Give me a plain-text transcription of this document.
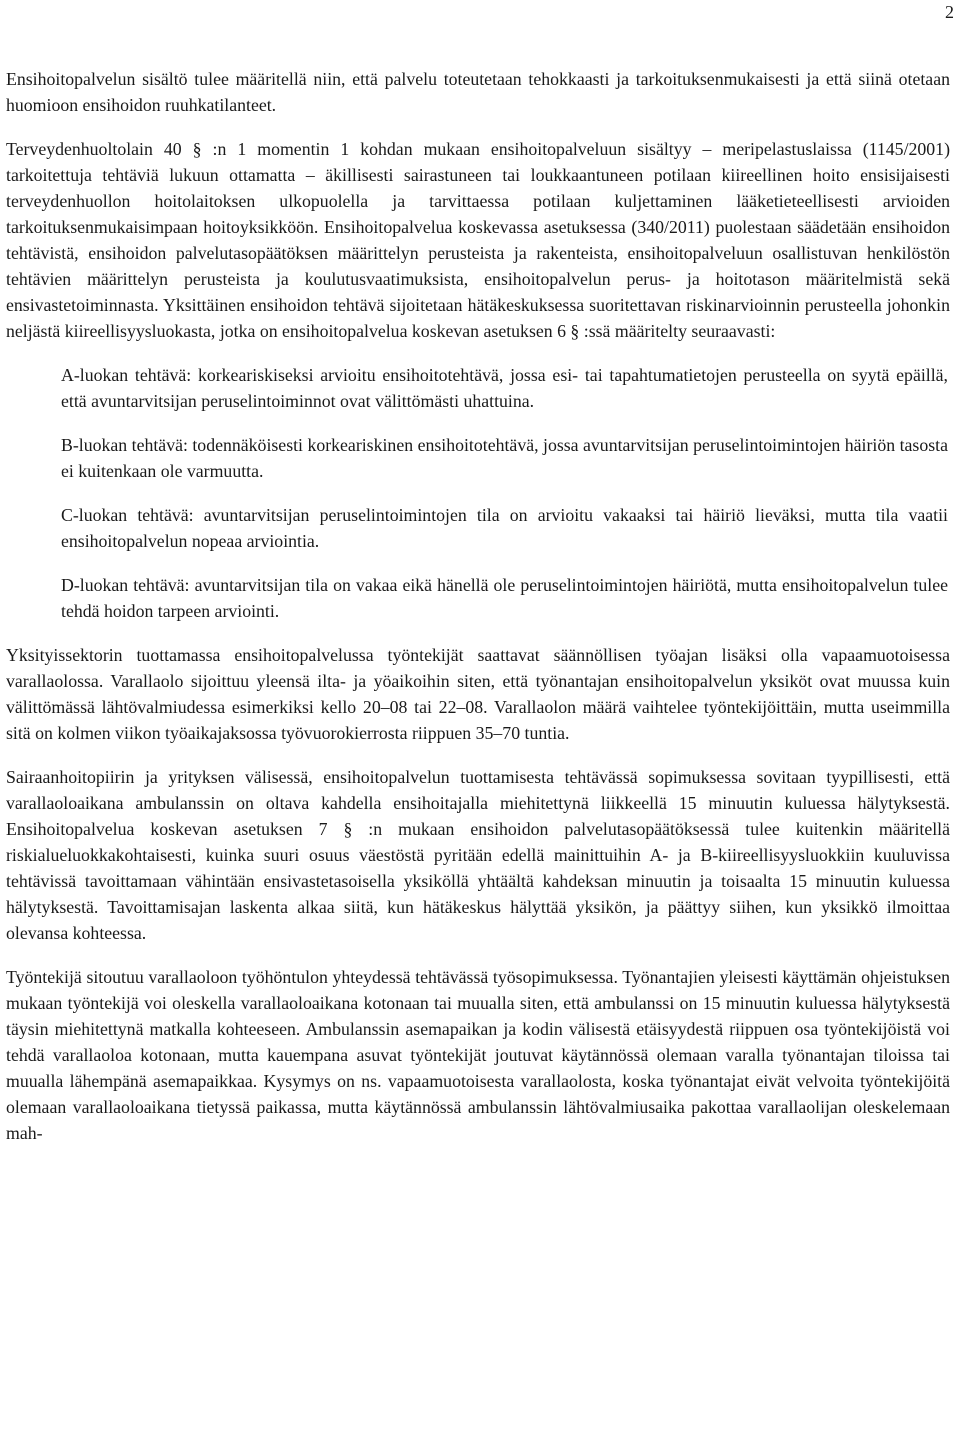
2

Ensihoitopalvelun sisältö tulee määritellä niin, että palvelu toteutetaan tehokkaasti ja tarkoituksenmukaisesti ja että siinä otetaan huomioon ensihoidon ruuhkatilanteet.

Terveydenhuoltolain 40 § :n 1 momentin 1 kohdan mukaan ensihoitopalveluun sisältyy – meripelastuslaissa (1145/2001) tarkoitettuja tehtäviä lukuun ottamatta – äkillisesti sairastuneen tai loukkaantuneen potilaan kiireellinen hoito ensisijaisesti terveydenhuollon hoitolaitoksen ulkopuolella ja tarvittaessa potilaan kuljettaminen lääketieteellisesti arvioiden tarkoituksenmukaisimpaan hoitoyksikköön. Ensihoitopalvelua koskevassa asetuksessa (340/2011) puolestaan säädetään ensihoidon tehtävistä, ensihoidon palvelutasopäätöksen määrittelyn perusteista ja rakenteista, ensihoitopalveluun osallistuvan henkilöstön tehtävien määrittelyn perusteista ja koulutusvaatimuksista, ensihoitopalvelun perus- ja hoitotason määritelmistä sekä ensivastetoiminnasta. Yksittäinen ensihoidon tehtävä sijoitetaan hätäkeskuksessa suoritettavan riskinarvioinnin perusteella johonkin neljästä kiireellisyysluokasta, jotka on ensihoitopalvelua koskevan asetuksen 6 § :ssä määritelty seuraavasti:

A-luokan tehtävä: korkeariskiseksi arvioitu ensihoitotehtävä, jossa esi- tai tapahtumatietojen perusteella on syytä epäillä, että avuntarvitsijan peruselintoiminnot ovat välittömästi uhattuina.

B-luokan tehtävä: todennäköisesti korkeariskinen ensihoitotehtävä, jossa avuntarvitsijan peruselintoimintojen häiriön tasosta ei kuitenkaan ole varmuutta.

C-luokan tehtävä: avuntarvitsijan peruselintoimintojen tila on arvioitu vakaaksi tai häiriö lieväksi, mutta tila vaatii ensihoitopalvelun nopeaa arviointia.

D-luokan tehtävä: avuntarvitsijan tila on vakaa eikä hänellä ole peruselintoimintojen häiriötä, mutta ensihoitopalvelun tulee tehdä hoidon tarpeen arviointi.

Yksityissektorin tuottamassa ensihoitopalvelussa työntekijät saattavat säännöllisen työajan lisäksi olla vapaamuotoisessa varallaolossa. Varallaolo sijoittuu yleensä ilta- ja yöaikoihin siten, että työnantajan ensihoitopalvelun yksiköt ovat muussa kuin välittömässä lähtövalmiudessa esimerkiksi kello 20–08 tai 22–08. Varallaolon määrä vaihtelee työntekijöittäin, mutta useimmilla sitä on kolmen viikon työaikajaksossa työvuorokierrosta riippuen 35–70 tuntia.

Sairaanhoitopiirin ja yrityksen välisessä, ensihoitopalvelun tuottamisesta tehtävässä sopimuksessa sovitaan tyypillisesti, että varallaoloaikana ambulanssin on oltava kahdella ensihoitajalla miehitettynä liikkeellä 15 minuutin kuluessa hälytyksestä. Ensihoitopalvelua koskevan asetuksen 7 § :n mukaan ensihoidon palvelutasopäätöksessä tulee kuitenkin määritellä riskialueluokkakohtaisesti, kuinka suuri osuus väestöstä pyritään edellä mainittuihin A- ja B-kiireellisyysluokkiin kuuluvissa tehtävissä tavoittamaan vähintään ensivastetasoisella yksiköllä yhtäältä kahdeksan minuutin ja toisaalta 15 minuutin kuluessa hälytyksestä. Tavoittamisajan laskenta alkaa siitä, kun hätäkeskus hälyttää yksikön, ja päättyy siihen, kun yksikkö ilmoittaa olevansa kohteessa.

Työntekijä sitoutuu varallaoloon työhöntulon yhteydessä tehtävässä työsopimuksessa. Työnantajien yleisesti käyttämän ohjeistuksen mukaan työntekijä voi oleskella varallaoloaikana kotonaan tai muualla siten, että ambulanssi on 15 minuutin kuluessa hälytyksestä täysin miehitettynä matkalla kohteeseen. Ambulanssin asemapaikan ja kodin välisestä etäisyydestä riippuen osa työntekijöistä voi tehdä varallaoloa kotonaan, mutta kauempana asuvat työntekijät joutuvat käytännössä olemaan varalla työnantajan tiloissa tai muualla lähempänä asemapaikkaa. Kysymys on ns. vapaamuotoisesta varallaolosta, koska työnantajat eivät velvoita työntekijöitä olemaan varallaoloaikana tietyssä paikassa, mutta käytännössä ambulanssin lähtövalmiusaika pakottaa varallaolijan oleskelemaan mah-
